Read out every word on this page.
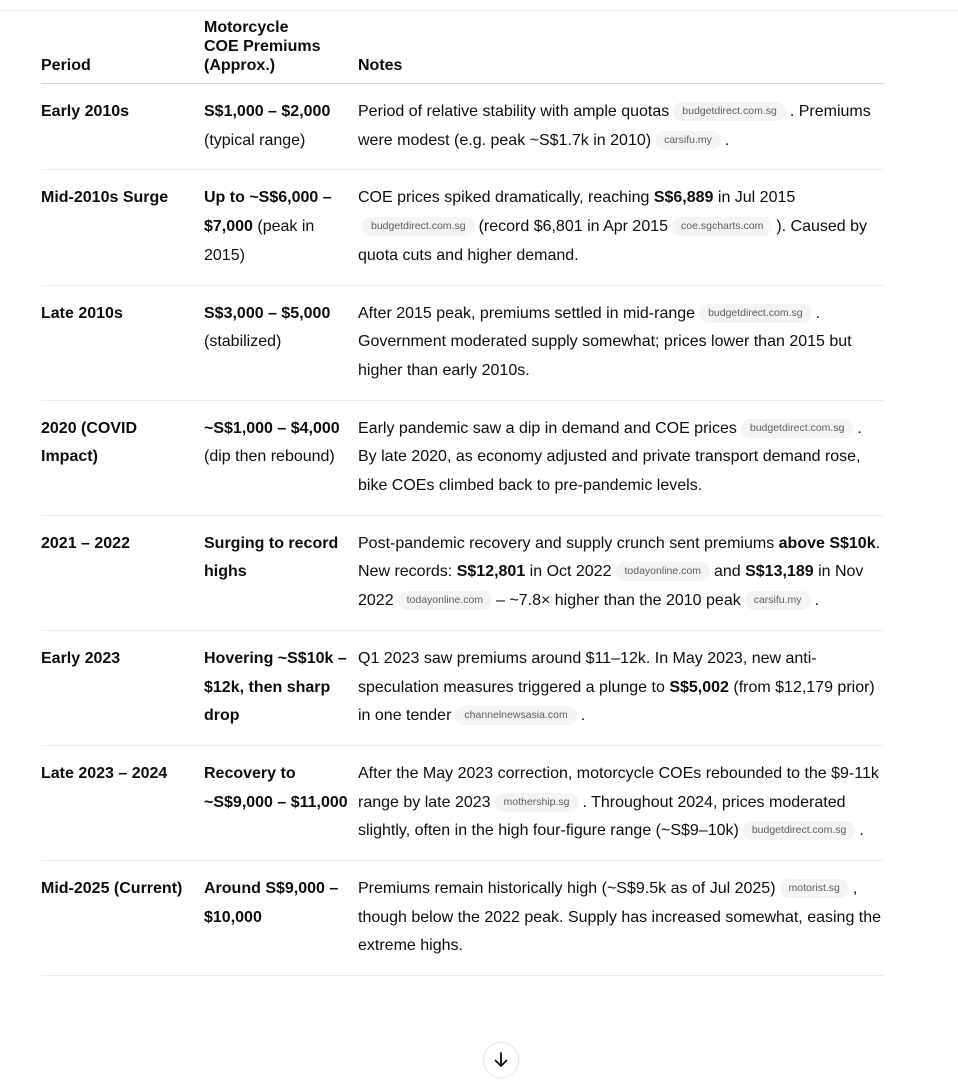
Period	Motorcycle
COE Premiums
(Approx.)	Notes
Early 2010s	S$1,000 – $2,000 (typical range)	Period of relative stability with ample quotas budgetdirect.com.sg . Premiums were modest (e.g. peak ~S$1.7k in 2010) carsifu.my .
Mid-2010s Surge	Up to ~S$6,000 – $7,000 (peak in 2015)	COE prices spiked dramatically, reaching S$6,889 in Jul 2015budgetdirect.com.sg (record $6,801 in Apr 2015 coe.sgcharts.com ). Caused by quota cuts and higher demand.
Late 2010s	S$3,000 – $5,000 (stabilized)	After 2015 peak, premiums settled in mid-range budgetdirect.com.sg . Government moderated supply somewhat; prices lower than 2015 but higher than early 2010s.
2020 (COVID Impact)	~S$1,000 – $4,000 (dip then rebound)	Early pandemic saw a dip in demand and COE prices budgetdirect.com.sg . By late 2020, as economy adjusted and private transport demand rose, bike COEs climbed back to pre-pandemic levels.
2021 – 2022	Surging to record highs	Post-pandemic recovery and supply crunch sent premiums above S$10k. New records: S$12,801 in Oct 2022 todayonline.com and S$13,189 in Nov 2022 todayonline.com – ~7.8× higher than the 2010 peak carsifu.my .
Early 2023	Hovering ~S$10k – $12k, then sharp drop	Q1 2023 saw premiums around $11–12k. In May 2023, new anti-speculation measures triggered a plunge to S$5,002 (from $12,179 prior) in one tender channelnewsasia.com .
Late 2023 – 2024	Recovery to ~S$9,000 – $11,000	After the May 2023 correction, motorcycle COEs rebounded to the $9-11k range by late 2023 mothership.sg . Throughout 2024, prices moderated slightly, often in the high four-figure range (~S$9–10k) budgetdirect.com.sg .
Mid-2025 (Current)	Around S$9,000 – $10,000	Premiums remain historically high (~S$9.5k as of Jul 2025) motorist.sg , though below the 2022 peak. Supply has increased somewhat, easing the extreme highs.
